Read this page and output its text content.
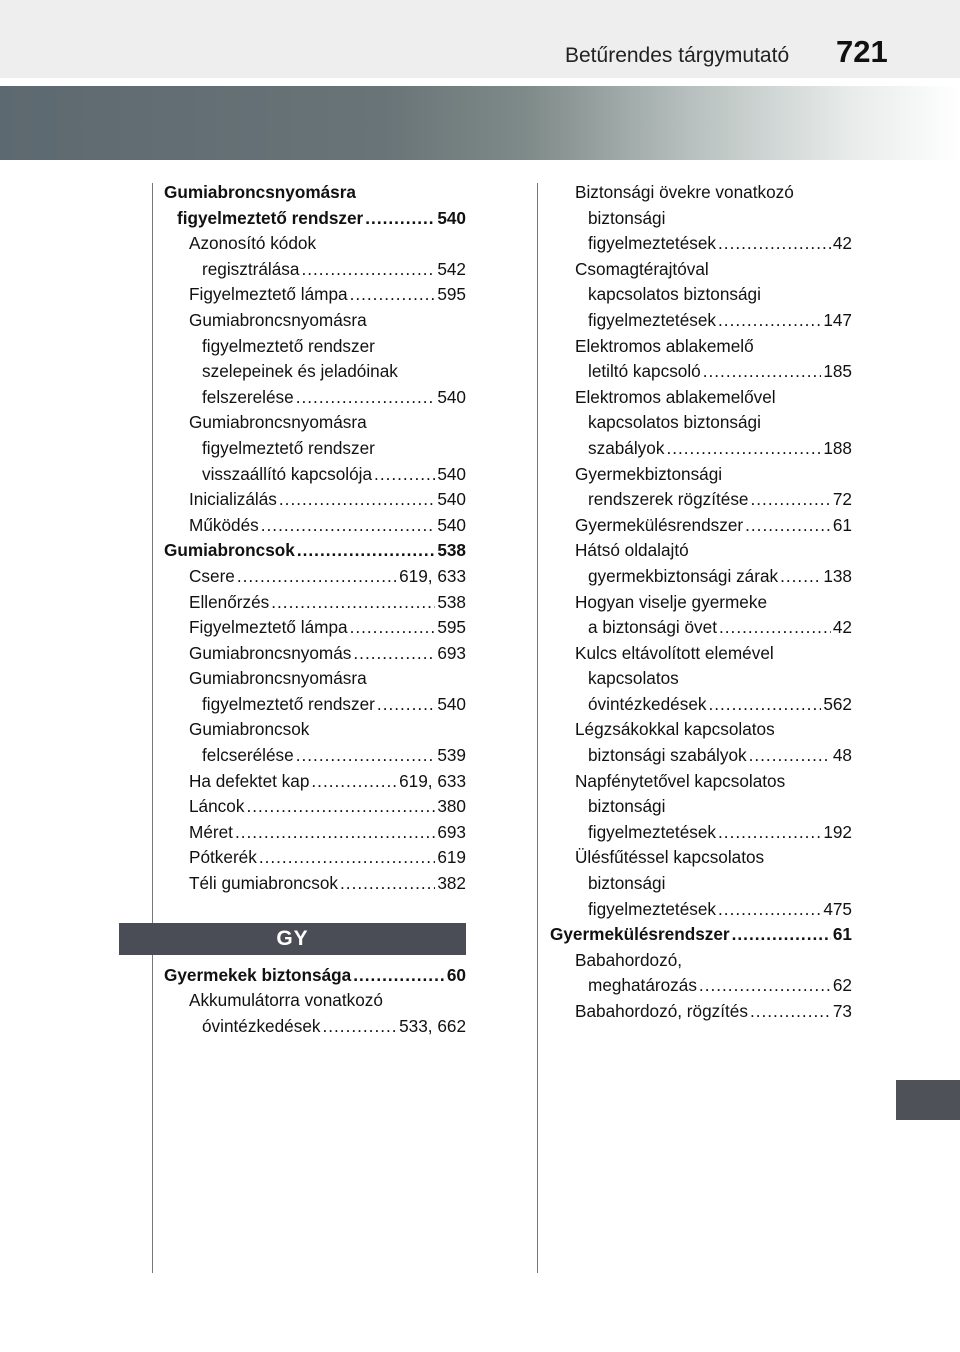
Betűrendes tárgymutató 721
Gumiabroncsnyomásra
figyelmeztető rendszer .....	540
Azonosító kódok
regisztrálása .....	542
Figyelmeztető lámpa .....	595
Gumiabroncsnyomásra
figyelmeztető rendszer
szelepeinek és jeladóinak
felszerelése .....	540
Gumiabroncsnyomásra
figyelmeztető rendszer
visszaállító kapcsolója .....	540
Inicializálás .....	540
Működés .....	540
Gumiabroncsok .....	538
Csere .....	619, 633
Ellenőrzés .....	538
Figyelmeztető lámpa .....	595
Gumiabroncsnyomás .....	693
Gumiabroncsnyomásra
figyelmeztető rendszer .....	540
Gumiabroncsok
felcserélése .....	539
Ha defektet kap .....	619, 633
Láncok .....	380
Méret .....	693
Pótkerék .....	619
Téli gumiabroncsok .....	382
GY
Gyermekek biztonsága .....	60
Akkumulátorra vonatkozó
óvintézkedések .....	533, 662
Biztonsági övekre vonatkozó
biztonsági
figyelmeztetések .....	42
Csomagtérajtóval
kapcsolatos biztonsági
figyelmeztetések .....	147
Elektromos ablakemelő
letiltó kapcsoló .....	185
Elektromos ablakemelővel
kapcsolatos biztonsági
szabályok .....	188
Gyermekbiztonsági
rendszerek rögzítése .....	72
Gyermekülésrendszer .....	61
Hátsó oldalajtó
gyermekbiztonsági zárak .....	138
Hogyan viselje gyermeke
a biztonsági övet .....	42
Kulcs eltávolított elemével
kapcsolatos
óvintézkedések .....	562
Légzsákokkal kapcsolatos
biztonsági szabályok .....	48
Napfénytetővel kapcsolatos
biztonsági
figyelmeztetések .....	192
Ülésfűtéssel kapcsolatos
biztonsági
figyelmeztetések .....	475
Gyermekülésrendszer .....	61
Babahordozó,
meghatározás .....	62
Babahordozó, rögzítés .....	73
